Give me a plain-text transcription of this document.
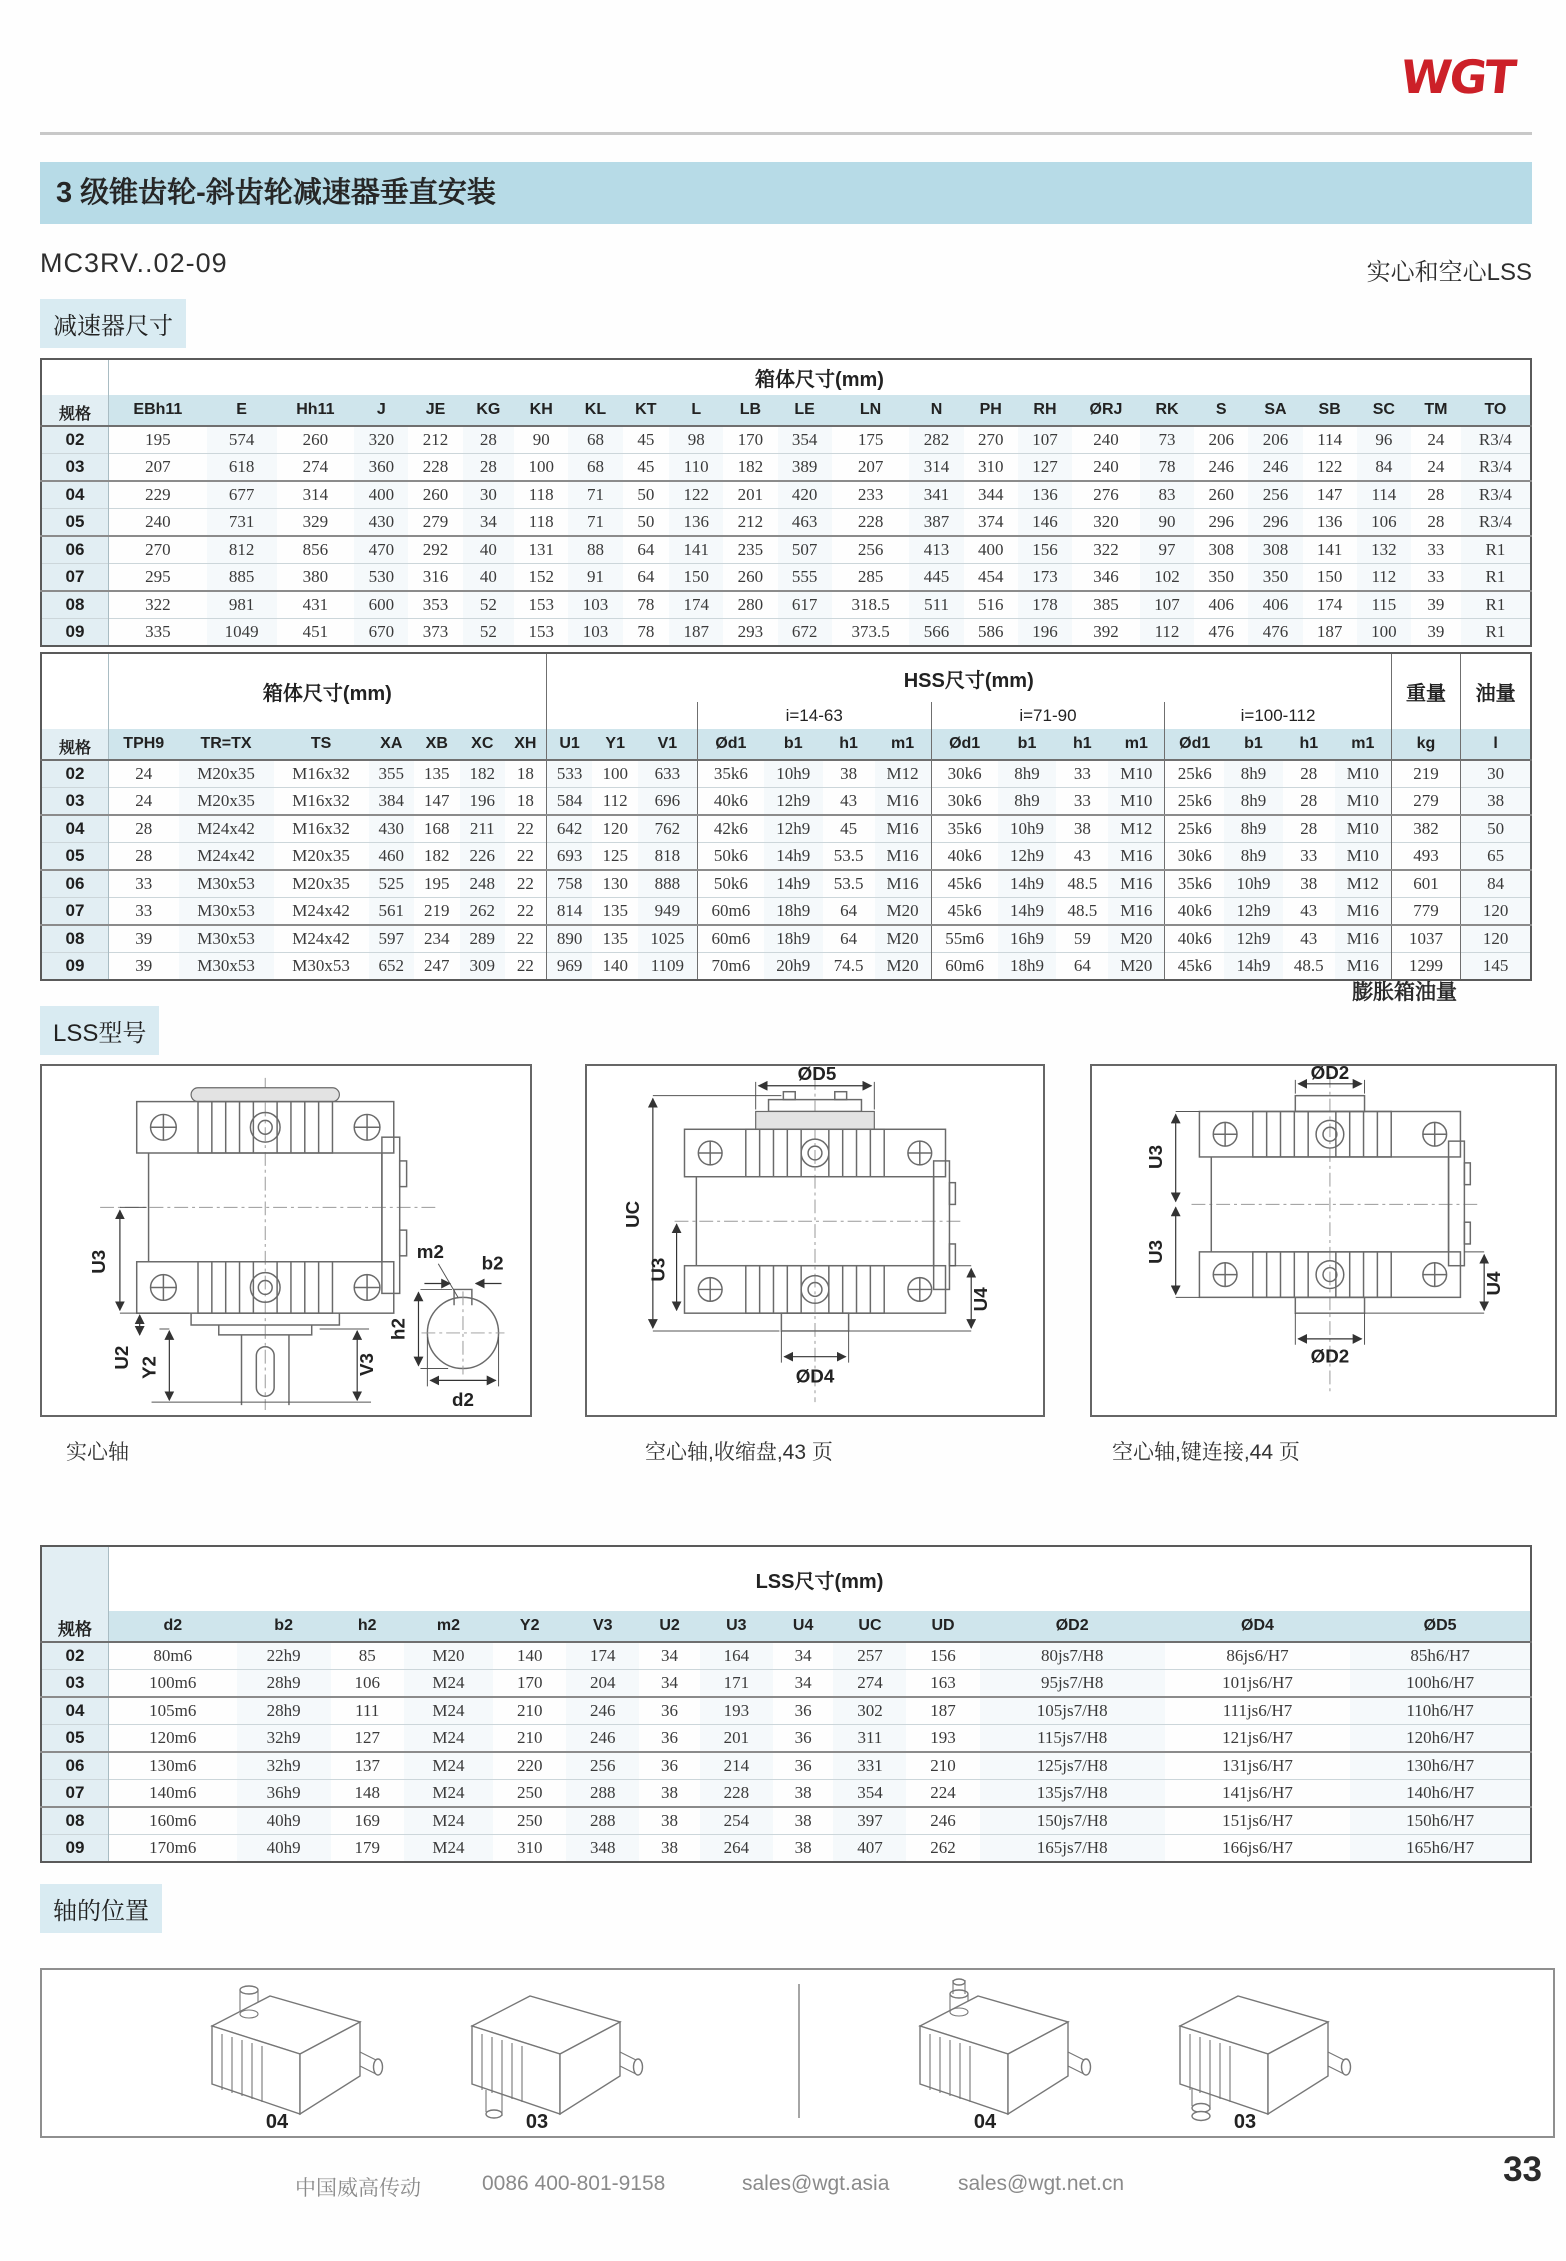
WGT
3 级锥齿轮-斜齿轮减速器垂直安装
MC3RV..02-09	实心和空心LSS
减速器尺寸
	箱体尺寸(mm)																							
规格	EBh11	E	Hh11	J	JE	KG	KH	KL	KT	L	LB	LE	LN	N	PH	RH	ØRJ	RK	S	SA	SB	SC	TM	TO
02	195	574	260	320	212	28	90	68	45	98	170	354	175	282	270	107	240	73	206	206	114	96	24	R3/4
03	207	618	274	360	228	28	100	68	45	110	182	389	207	314	310	127	240	78	246	246	122	84	24	R3/4
04	229	677	314	400	260	30	118	71	50	122	201	420	233	341	344	136	276	83	260	256	147	114	28	R3/4
05	240	731	329	430	279	34	118	71	50	136	212	463	228	387	374	146	320	90	296	296	136	106	28	R3/4
06	270	812	856	470	292	40	131	88	64	141	235	507	256	413	400	156	322	97	308	308	141	132	33	R1
07	295	885	380	530	316	40	152	91	64	150	260	555	285	445	454	173	346	102	350	350	150	112	33	R1
08	322	981	431	600	353	52	153	103	78	174	280	617	318.5	511	516	178	385	107	406	406	174	115	39	R1
09	335	1049	451	670	373	52	153	103	78	187	293	672	373.5	566	586	196	392	112	476	476	187	100	39	R1
	箱体尺寸(mm)							HSS尺寸(mm)															重量	油量
											i=14-63				i=71-90				i=100-112					
规格	TPH9	TR=TX	TS	XA	XB	XC	XH	U1	Y1	V1	Ød1	b1	h1	m1	Ød1	b1	h1	m1	Ød1	b1	h1	m1	kg	l
02	24	M20x35	M16x32	355	135	182	18	533	100	633	35k6	10h9	38	M12	30k6	8h9	33	M10	25k6	8h9	28	M10	219	30
03	24	M20x35	M16x32	384	147	196	18	584	112	696	40k6	12h9	43	M16	30k6	8h9	33	M10	25k6	8h9	28	M10	279	38
04	28	M24x42	M16x32	430	168	211	22	642	120	762	42k6	12h9	45	M16	35k6	10h9	38	M12	25k6	8h9	28	M10	382	50
05	28	M24x42	M20x35	460	182	226	22	693	125	818	50k6	14h9	53.5	M16	40k6	12h9	43	M16	30k6	8h9	33	M10	493	65
06	33	M30x53	M20x35	525	195	248	22	758	130	888	50k6	14h9	53.5	M16	45k6	14h9	48.5	M16	35k6	10h9	38	M12	601	84
07	33	M30x53	M24x42	561	219	262	22	814	135	949	60m6	18h9	64	M20	45k6	14h9	48.5	M16	40k6	12h9	43	M16	779	120
08	39	M30x53	M24x42	597	234	289	22	890	135	1025	60m6	18h9	64	M20	55m6	16h9	59	M20	40k6	12h9	43	M16	1037	120
09	39	M30x53	M30x53	652	247	309	22	969	140	1109	70m6	20h9	74.5	M20	60m6	18h9	64	M20	45k6	14h9	48.5	M16	1299	145
膨胀箱油量
LSS型号
U3
U2 Y2	V3
m2
b2
h2
d2
ØD5
UC
U3
U4
ØD4
ØD2
ØD2
U3
U3
U4
实心轴	空心轴,收缩盘,43 页	空心轴,键连接,44 页
轴的位置
04	03	04	03
规格	LSS尺寸(mm)													
	d2	b2	h2	m2	Y2	V3	U2	U3	U4	UC	UD	ØD2	ØD4	ØD5
02	80m6	22h9	85	M20	140	174	34	164	34	257	156	80js7/H8	86js6/H7	85h6/H7
03	100m6	28h9	106	M24	170	204	34	171	34	274	163	95js7/H8	101js6/H7	100h6/H7
04	105m6	28h9	111	M24	210	246	36	193	36	302	187	105js7/H8	111js6/H7	110h6/H7
05	120m6	32h9	127	M24	210	246	36	201	36	311	193	115js7/H8	121js6/H7	120h6/H7
06	130m6	32h9	137	M24	220	256	36	214	36	331	210	125js7/H8	131js6/H7	130h6/H7
07	140m6	36h9	148	M24	250	288	38	228	38	354	224	135js7/H8	141js6/H7	140h6/H7
08	160m6	40h9	169	M24	250	288	38	254	38	397	246	150js7/H8	151js6/H7	150h6/H7
09	170m6	40h9	179	M24	310	348	38	264	38	407	262	165js7/H8	166js6/H7	165h6/H7
中国威高传动	0086 400-801-9158	sales@wgt.asia	sales@wgt.net.cn	33
